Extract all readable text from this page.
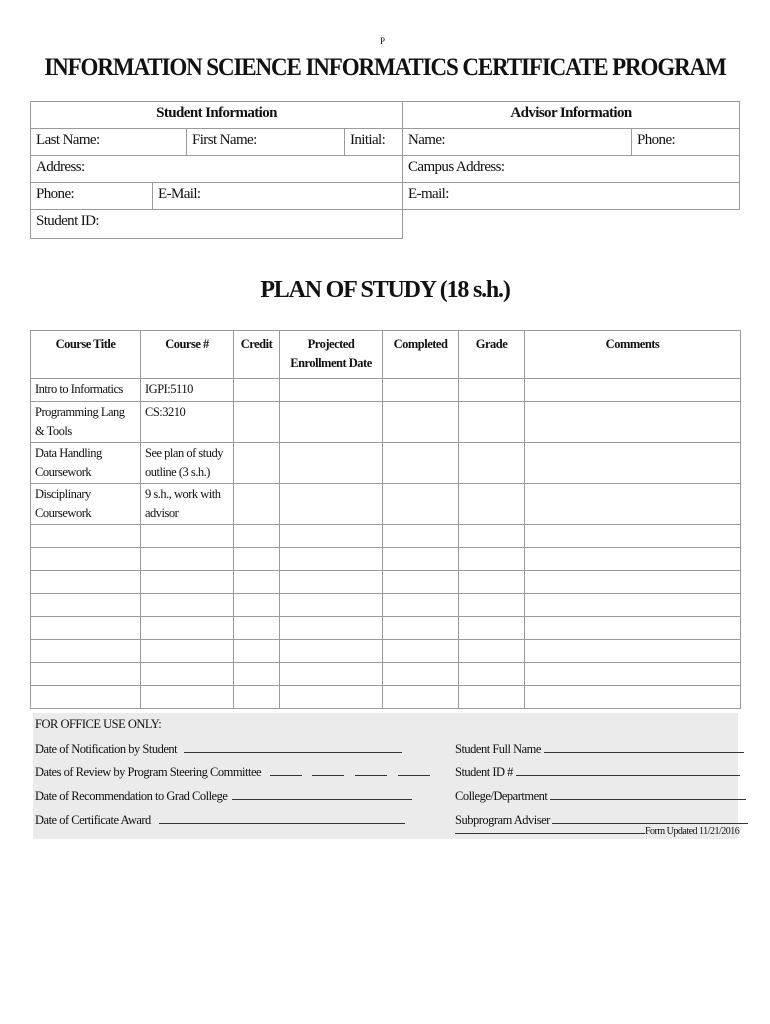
P
INFORMATION SCIENCE INFORMATICS CERTIFICATE PROGRAM
Student Information	Advisor Information
Last Name:	First Name:	Initial:	Name:	Phone:
Address:	Campus Address:
Phone:	E-Mail:	E-mail:
Student ID:
PLAN OF STUDY (18 s.h.)
Course Title	Course #	Credit	Projected Enrollment Date	Completed	Grade	Comments
Intro to Informatics	IGPI:5110					
Programming Lang & Tools	CS:3210					
Data Handling Coursework	See plan of study outline (3 s.h.)					
Disciplinary Coursework	9 s.h., work with advisor					

FOR OFFICE USE ONLY:
Date of Notification by Student
Dates of Review by Program Steering Committee
Date of Recommendation to Grad College
Date of Certificate Award
Student Full Name
Student ID #
College/Department
Subprogram Adviser
Form Updated 11/21/2016
